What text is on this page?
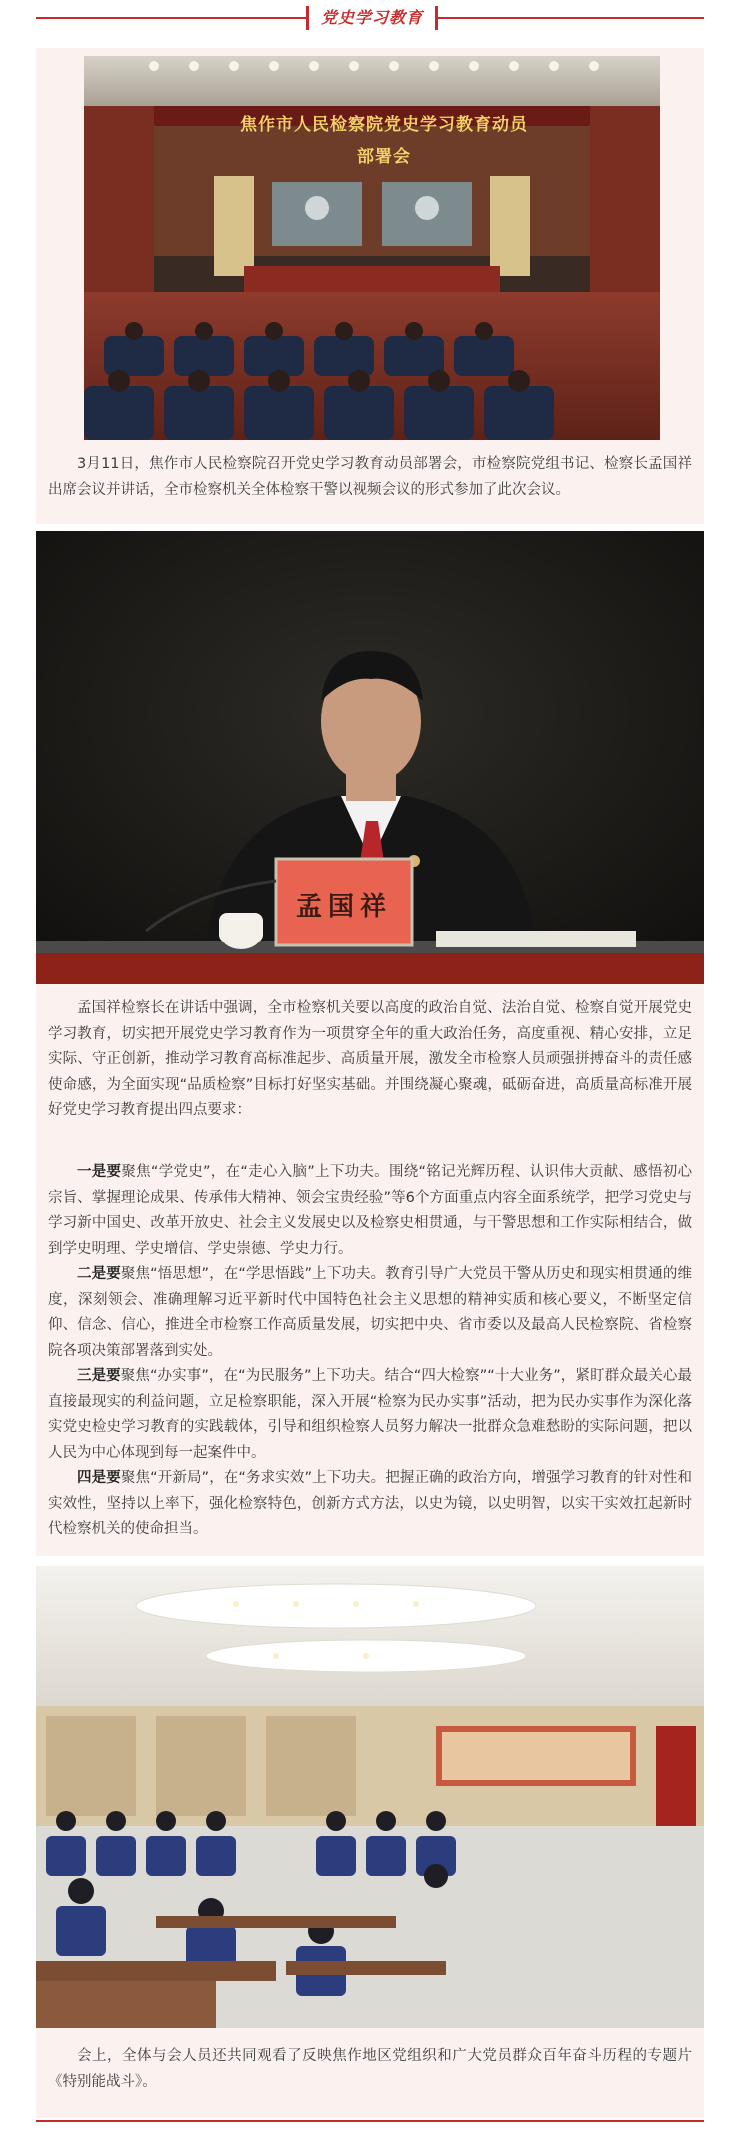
党史学习教育
焦作市人民检察院党史学习教育动员部署会

3月11日，焦作市人民检察院召开党史学习教育动员部署会，市检察院党组书记、检察长孟国祥出席会议并讲话，全市检察机关全体检察干警以视频会议的形式参加了此次会议。

孟国祥

孟国祥检察长在讲话中强调，全市检察机关要以高度的政治自觉、法治自觉、检察自觉开展党史学习教育，切实把开展党史学习教育作为一项贯穿全年的重大政治任务，高度重视、精心安排，立足实际、守正创新，推动学习教育高标准起步、高质量开展，激发全市检察人员顽强拼搏奋斗的责任感使命感，为全面实现“品质检察”目标打好坚实基础。并围绕凝心聚魂，砥砺奋进，高质量高标准开展好党史学习教育提出四点要求：

一是要聚焦“学党史”，在“走心入脑”上下功夫。围绕“铭记光辉历程、认识伟大贡献、感悟初心宗旨、掌握理论成果、传承伟大精神、领会宝贵经验”等6个方面重点内容全面系统学，把学习党史与学习新中国史、改革开放史、社会主义发展史以及检察史相贯通，与干警思想和工作实际相结合，做到学史明理、学史增信、学史崇德、学史力行。

二是要聚焦“悟思想”，在“学思悟践”上下功夫。教育引导广大党员干警从历史和现实相贯通的维度，深刻领会、准确理解习近平新时代中国特色社会主义思想的精神实质和核心要义，不断坚定信仰、信念、信心，推进全市检察工作高质量发展，切实把中央、省市委以及最高人民检察院、省检察院各项决策部署落到实处。

三是要聚焦“办实事”，在“为民服务”上下功夫。结合“四大检察”“十大业务”，紧盯群众最关心最直接最现实的利益问题，立足检察职能，深入开展“检察为民办实事”活动，把为民办实事作为深化落实党史检史学习教育的实践载体，引导和组织检察人员努力解决一批群众急难愁盼的实际问题，把以人民为中心体现到每一起案件中。

四是要聚焦“开新局”，在“务求实效”上下功夫。把握正确的政治方向，增强学习教育的针对性和实效性，坚持以上率下，强化检察特色，创新方式方法，以史为镜，以史明智，以实干实效扛起新时代检察机关的使命担当。

会上，全体与会人员还共同观看了反映焦作地区党组织和广大党员群众百年奋斗历程的专题片《特别能战斗》。
